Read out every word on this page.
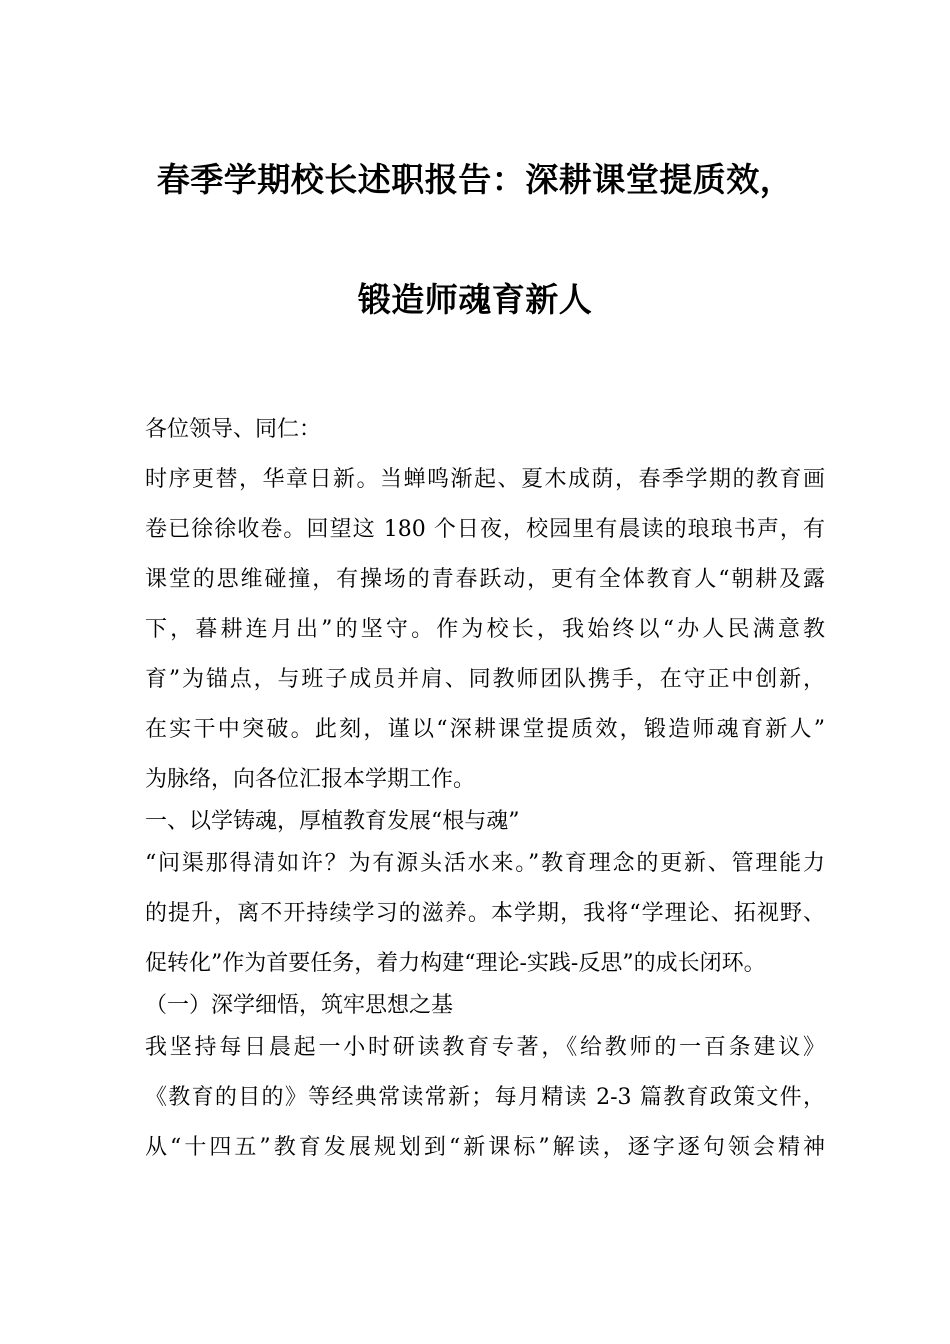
春季学期校长述职报告：深耕课堂提质效，
锻造师魂育新人
各位领导、同仁：
时序更替，华章日新。当蝉鸣渐起、夏木成荫，春季学期的教育画
卷已徐徐收卷。回望这 180 个日夜，校园里有晨读的琅琅书声，有
课堂的思维碰撞，有操场的青春跃动，更有全体教育人“朝耕及露
下，暮耕连月出”的坚守。作为校长，我始终以“办人民满意教
育”为锚点，与班子成员并肩、同教师团队携手，在守正中创新，
在实干中突破。此刻，谨以“深耕课堂提质效，锻造师魂育新人”
为脉络，向各位汇报本学期工作。
一、以学铸魂，厚植教育发展“根与魂”
“问渠那得清如许？为有源头活水来。”教育理念的更新、管理能力
的提升，离不开持续学习的滋养。本学期，我将“学理论、拓视野、
促转化”作为首要任务，着力构建“理论-实践-反思”的成长闭环。
（一）深学细悟，筑牢思想之基
我坚持每日晨起一小时研读教育专著，《给教师的一百条建议》
《教育的目的》等经典常读常新；每月精读 2-3 篇教育政策文件，
从“十四五”教育发展规划到“新课标”解读，逐字逐句领会精神
